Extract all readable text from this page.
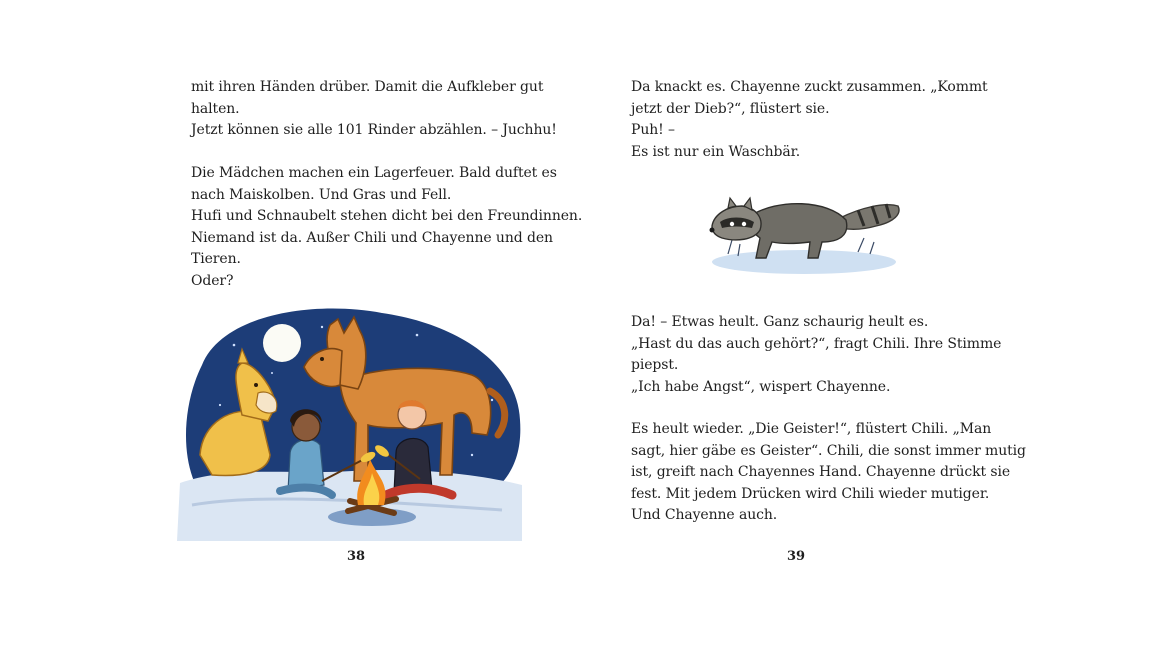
mit ihren Händen drüber. Damit die Aufkleber gut
halten.
Jetzt können sie alle 101 Rinder abzählen. – Juchhu!
Die Mädchen machen ein Lagerfeuer. Bald duftet es
nach Maiskolben. Und Gras und Fell.
Hufi und Schnaubelt stehen dicht bei den Freundinnen.
Niemand ist da. Außer Chili und Chayenne und den
Tieren.
Oder?
38
Da knackt es. Chayenne zuckt zusammen. „Kommt
jetzt der Dieb?“, flüstert sie.
Puh! –
Es ist nur ein Waschbär.
Da! – Etwas heult. Ganz schaurig heult es.
„Hast du das auch gehört?“, fragt Chili. Ihre Stimme
piepst.
„Ich habe Angst“, wispert Chayenne.
Es heult wieder. „Die Geister!“, flüstert Chili. „Man
sagt, hier gäbe es Geister“. Chili, die sonst immer mutig
ist, greift nach Chayennes Hand. Chayenne drückt sie
fest. Mit jedem Drücken wird Chili wieder mutiger.
Und Chayenne auch.
39
